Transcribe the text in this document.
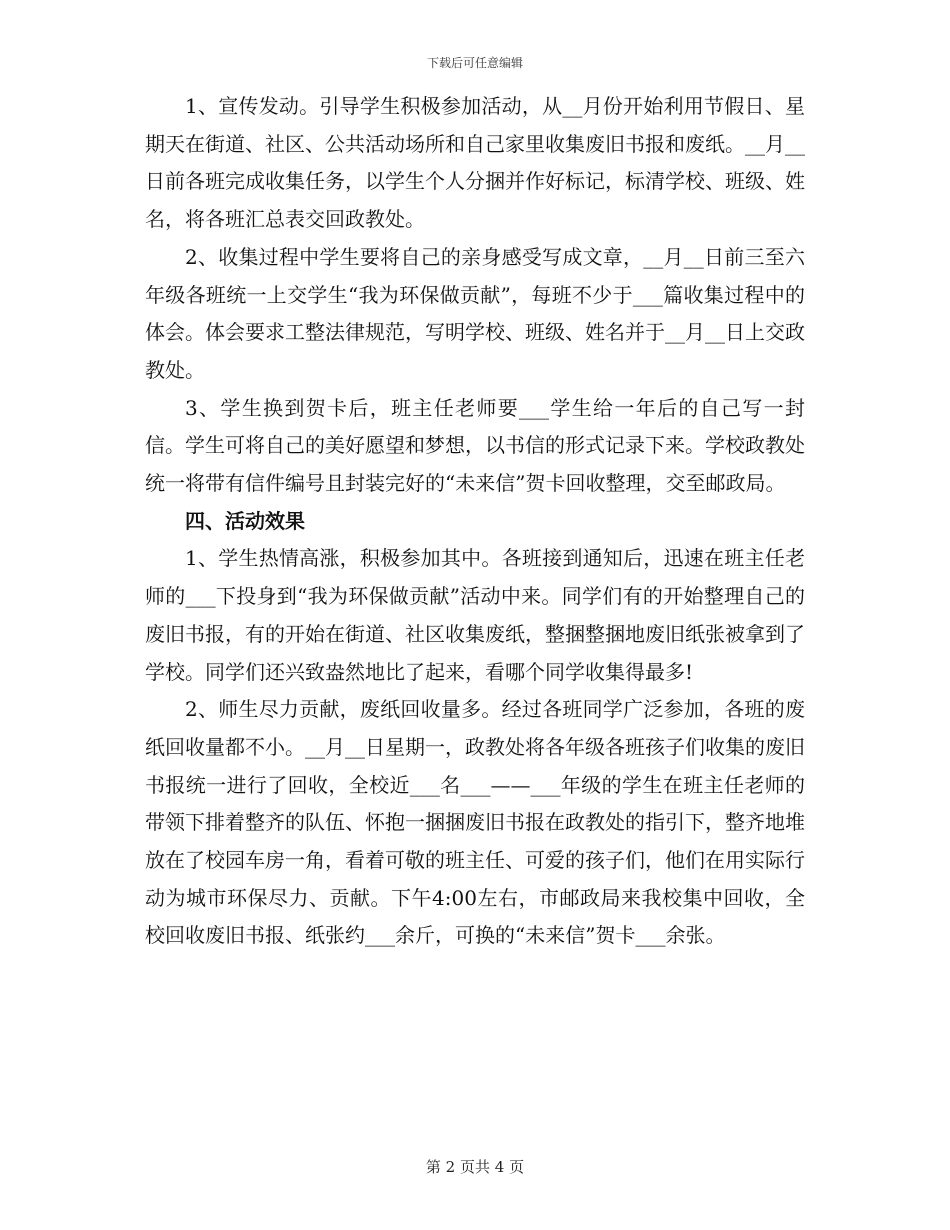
下载后可任意编辑

1、宣传发动。引导学生积极参加活动，从__月份开始利用节假日、星期天在街道、社区、公共活动场所和自己家里收集废旧书报和废纸。__月__日前各班完成收集任务，以学生个人分捆并作好标记，标清学校、班级、姓名，将各班汇总表交回政教处。

2、收集过程中学生要将自己的亲身感受写成文章，__月__日前三至六年级各班统一上交学生“我为环保做贡献”，每班不少于___篇收集过程中的体会。体会要求工整法律规范，写明学校、班级、姓名并于__月__日上交政教处。

3、学生换到贺卡后，班主任老师要___学生给一年后的自己写一封信。学生可将自己的美好愿望和梦想，以书信的形式记录下来。学校政教处统一将带有信件编号且封装完好的“未来信”贺卡回收整理，交至邮政局。

四、活动效果

1、学生热情高涨，积极参加其中。各班接到通知后，迅速在班主任老师的___下投身到“我为环保做贡献”活动中来。同学们有的开始整理自己的废旧书报，有的开始在街道、社区收集废纸，整捆整捆地废旧纸张被拿到了学校。同学们还兴致盎然地比了起来，看哪个同学收集得最多!

2、师生尽力贡献，废纸回收量多。经过各班同学广泛参加，各班的废纸回收量都不小。__月__日星期一，政教处将各年级各班孩子们收集的废旧书报统一进行了回收，全校近___名___——___年级的学生在班主任老师的带领下排着整齐的队伍、怀抱一捆捆废旧书报在政教处的指引下，整齐地堆放在了校园车房一角，看着可敬的班主任、可爱的孩子们，他们在用实际行动为城市环保尽力、贡献。下午4:00左右，市邮政局来我校集中回收，全校回收废旧书报、纸张约___余斤，可换的“未来信”贺卡___余张。

第 2 页共 4 页
